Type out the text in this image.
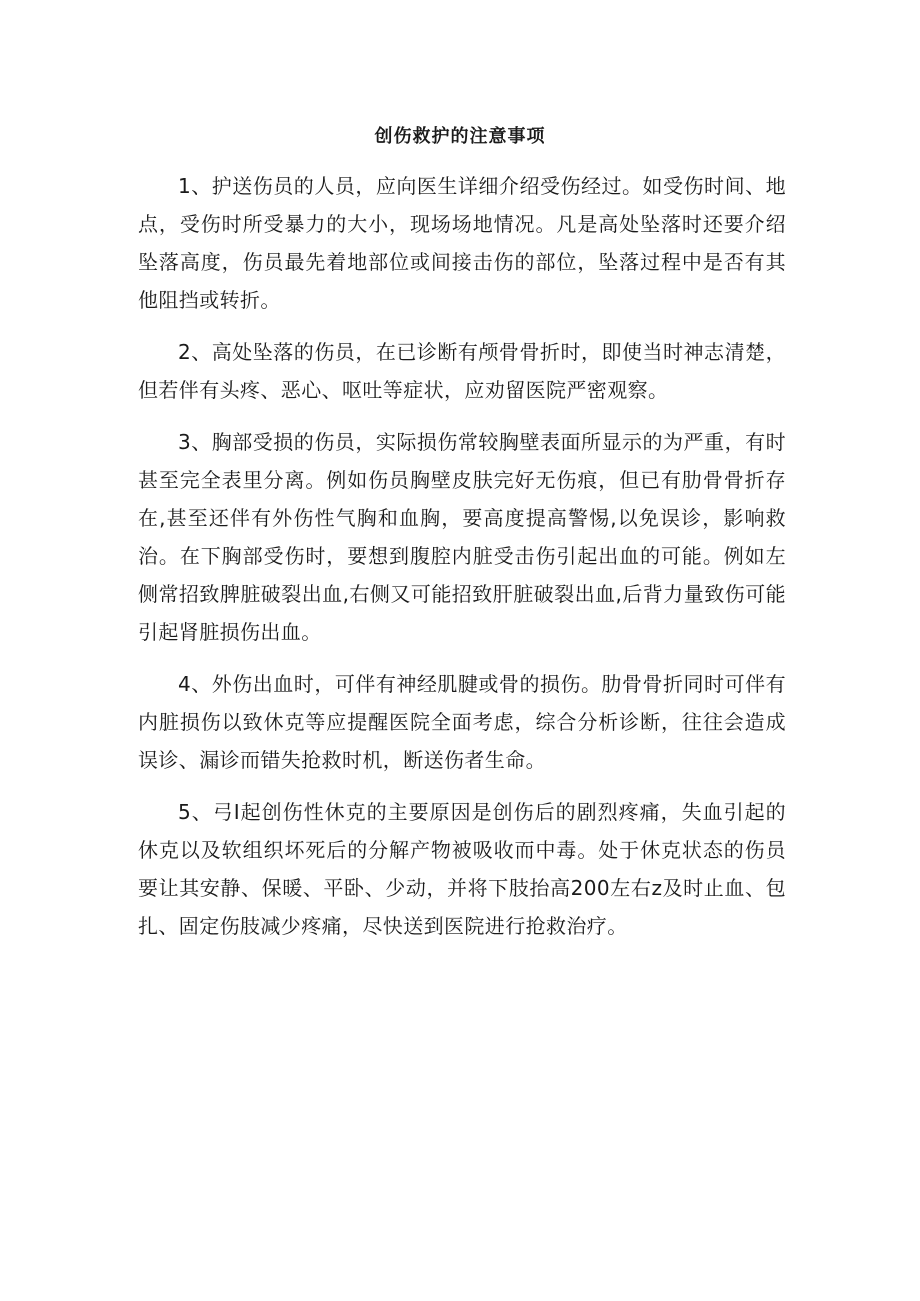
创伤救护的注意事项

1、护送伤员的人员，应向医生详细介绍受伤经过。如受伤时间、地点，受伤时所受暴力的大小，现场场地情况。凡是高处坠落时还要介绍坠落高度，伤员最先着地部位或间接击伤的部位，坠落过程中是否有其他阻挡或转折。

2、高处坠落的伤员，在已诊断有颅骨骨折时，即使当时神志清楚，但若伴有头疼、恶心、呕吐等症状，应劝留医院严密观察。

3、胸部受损的伤员，实际损伤常较胸壁表面所显示的为严重，有时甚至完全表里分离。例如伤员胸壁皮肤完好无伤痕，但已有肋骨骨折存在,甚至还伴有外伤性气胸和血胸，要高度提高警惕,以免误诊，影响救治。在下胸部受伤时，要想到腹腔内脏受击伤引起出血的可能。例如左侧常招致脾脏破裂出血,右侧又可能招致肝脏破裂出血,后背力量致伤可能引起肾脏损伤出血。

4、外伤出血时，可伴有神经肌腱或骨的损伤。肋骨骨折同时可伴有内脏损伤以致休克等应提醒医院全面考虑，综合分析诊断，往往会造成误诊、漏诊而错失抢救时机，断送伤者生命。

5、弓I起创伤性休克的主要原因是创伤后的剧烈疼痛，失血引起的休克以及软组织坏死后的分解产物被吸收而中毒。处于休克状态的伤员要让其安静、保暖、平卧、少动，并将下肢抬高200左右z及时止血、包扎、固定伤肢减少疼痛，尽快送到医院进行抢救治疗。
